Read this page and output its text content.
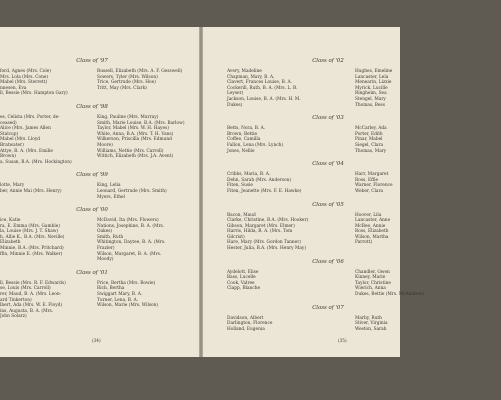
Class of '97
ford, Agnes (Mrs. Cole)
Mrs. Lola (Mrs. Cone)
Mabel (Mrs. Sterrett)
nnesen, Eva
ll, Bessie (Mrs. Hampton Gary)
Class of '98
es, Celista (Mrs. Porter, de-
ceased)
Alice (Mrs. James Allen
Stalcup)
Mabel (Mrs. Lloyd
Bratwater)
Attye, R. A. (Mrs. Emilie
Brown)
a, Susan, B.A. (Mrs. Hockington)
Class of '99
lotte, Mary
ber, Annie Mai (Mrs. Henry)

Class of '00
ice, Katie
ra, E. Emma (Mrs. Gamble)
la, Louise (Mrs. J. T. Shaw)
h, Allie K., B.A. (Mrs. Neville)
Elizabeth
Minnie, B.A. (Mrs. Pritchard)
ffin, Minnie E. (Mrs. Walker)

Class of '01
ll, Bessie (Mrs. R. F. Edwards)
se, Louis (Mrs. Carroll)
rer, Maud, B. A. (Mrs. Leon-
ard Tinkerton)
lbert, Ada (Mrs. W. E. Floyd)
ins, Augusta, B. A. (Mrs.
John Solarz)
Russell, Elizabeth (Mrs. A. F. Gesswell)
Sowers, Tyler (Mrs. Wilson)
Trice, Gertrude (Mrs. Hoe)
Tritt, May (Mrs. Clark)

King, Pauline (Mrs. Murray)
Smith, Marie Louise, B.A. (Mrs. Barlow)
Taylor, Mabel (Mrs. W. H. Hayes)
White, Anna, B.A. (Mrs. T. H. Vans)
Wilkerson, Priscilla (Mrs. Edmund
Moore)
Williams, Nettie (Mrs. Carroll)
Wittich, Elizabeth (Mrs. J.A. Avent)

King, Lelia
Leonard, Gertrude (Mrs. Smith)
Myers, Ethel
McDavid, Ita (Mrs. Flowers)
Nations, Josephine, B. A. (Mrs.
Oakes)
Smith, Ruth
Whitington, Daytee, B. A. (Mrs.
Frazier)
Wilson, Margaret, B. A. (Mrs.
Moody)
Price, Bertha (Mrs. Bowie)
Rich, Bertha
Swiggart Mary, B. A.
Turner, Lena, B. A.
Wilson, Marie (Mrs. Wilson)

(34)
Class of '02
Avery, Madeline
Chapman, Mary, B. A.
Clavert, Frances Louise, B. A.
Cockerill, Ruth, B. A. (Mrs. L. B.
Leyser)
Jackson, Louise, B. A. (Mrs. H. M.
Dukes)
Class of '03
Betts, Nora, B. A.
Brown, Bettie
Coffee, Camilla
Fallon, Lena (Mrs. Lynch)
Jones, Nellie
Class of '04
Cribbs, Maria, B. A.
Dehn, Sarah (Mrs. Anderson)
Fiten, Susie
Fiten, Jeanette (Mrs. F. E. Hawke)
Class of '05
Bacon, Maud
Clarke, Christine, B.A. (Mrs. Hooker)
Gibson, Margaret (Mrs. Elmer)
Harris, Hilda, B. A. (Mrs. Tom
Gilcrist)
Hare, Mary (Mrs. Gordon Tanner)
Hester, Julia, B.A. (Mrs. Henry May)
Class of '06
Aydelott, Elise
Bass, Lucelle
Cook, Valree
Clapp, Blanche

Class of '07
Davidson, Albert
Darlington, Florence
Holland, Eugenia
Hughes, Emeline
Lancaster, Lela
Menearin, Lizzie
Myrick, Lucille
Ringheim, Sea
Stengel, Mary
Thomas, Bess
McCarley, Ada
Porter, Edith
Pinar, Mabel
Siegel, Clara
Thomas, Mary
Harr, Margaret
Ross, Effie
Warner, Florence
Weber, Clara
Hoover, Lila
Lancaster, Anne
McBee, Annie
Ross, Elizabeth
Wilson, Martha
Parrott)

Chandler, Gwen
Kinney, Marie
Taylor, Christine
Wierich, Anna
Dukes, Bettie (Mrs. McAndrew)
Marby, Ruth
Stiver, Virginia
Weston, Sarah
(35)
